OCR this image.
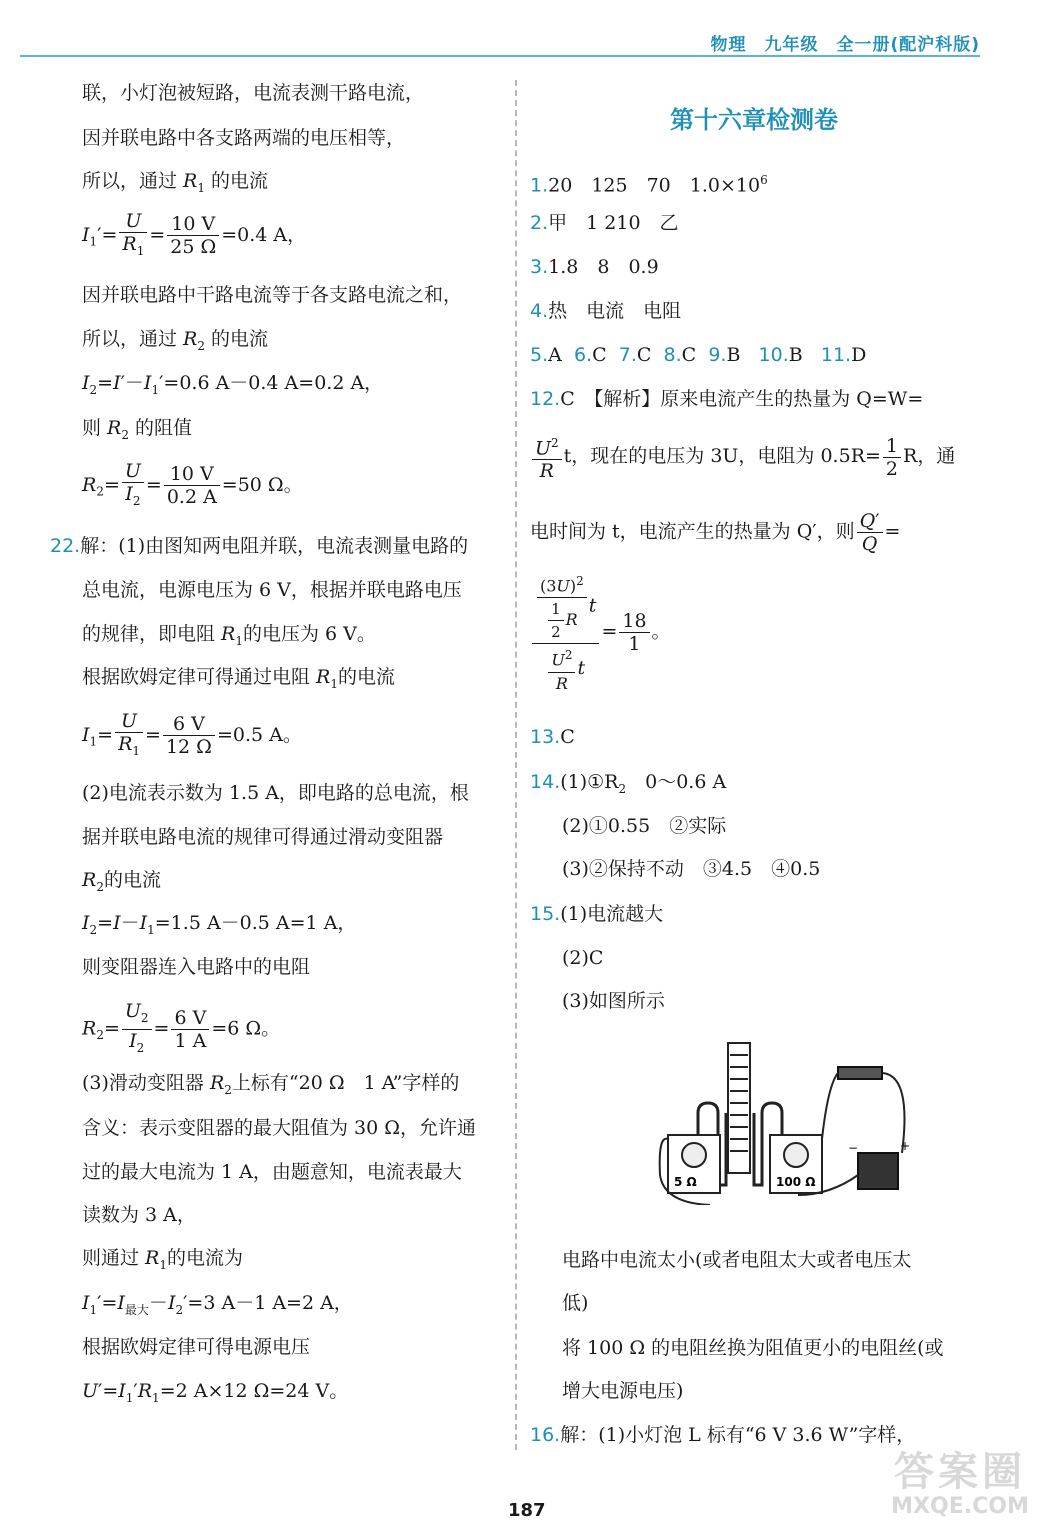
物理　九年级　全一册(配沪科版)
联，小灯泡被短路，电流表测干路电流，
因并联电路中各支路两端的电压相等，
所以，通过 $R_1$ 的电流
$I_1'= \frac{U}{R_1} = \frac{10 V}{25 \Omega} =0.4$ A，
因并联电路中干路电流等于各支路电流之和，
所以，通过 $R_2$ 的电流
$I_2=I'-I_1'=0.6$ A－0.4 A=0.2 A，
则 $R_2$ 的阻值
$R_2= \frac{U}{I_2} = \frac{10 V}{0.2 A} =50$ Ω。
22.解：(1)由图知两电阻并联，电流表测量电路的
总电流，电源电压为 6 V，根据并联电路电压
的规律，即电阻 $R_1$的电压为 6 V。
根据欧姆定律可得通过电阻 $R_1$的电流
$I_1= \frac{U}{R_1} = \frac{6 V}{12 \Omega} =0.5$ A。
(2)电流表示数为 1.5 A，即电路的总电流，根
据并联电路电流的规律可得通过滑动变阻器
$R_2$的电流
$I_2=I-I_1=1.5$ A－0.5 A=1 A，
则变阻器连入电路中的电阻
$R_2= \frac{U_2}{I_2} = \frac{6 V}{1 A} =6$ Ω。
(3)滑动变阻器 $R_2$上标有“20 Ω　1 A”字样的
含义：表示变阻器的最大阻值为 30 Ω，允许通
过的最大电流为 1 A，由题意知，电流表最大
读数为 3 A，
则通过 $R_1$的电流为
$I_1'=I_{最大}-I_2'=3$ A－1 A=2 A，
根据欧姆定律可得电源电压
$U'=I_1'R_1=2$ A×12 Ω=24 V。
第十六章检测卷
1.20　125　70　$1.0\times 10^6$
2.甲　1 210　乙
3.1.8　8　0.9
4.热　电流　电阻
5.A 6.C 7.C 8.C 9.B 10.B 11.D
12.C　【解析】原来电流产生的热量为 Q=W=
$\frac{U^2}{R}$ t，现在的电压为 3U，电阻为 $0.5R= \frac{1}{2}$ R，通
电时间为 t，电流产生的热量为 Q′，则 $\frac{Q'}{Q}$ =
$\frac{\frac{(3U)^2}{\frac{1}{2} R} t}{\frac{U^2}{R} t} = \frac{18}{1}$ 。
13.C
$14.(1)①R_2$　0～0.6 A
(2)①0.55　②实际
(3)②保持不动　③4.5　④0.5
15.(1)电流越大
(2)C
(3)如图所示
电路中电流太小(或者电阻太大或者电压太
低)
将 100 Ω 的电阻丝换为阻值更小的电阻丝(或
增大电源电压)
16.解：(1)小灯泡 L 标有“6 V 3.6 W”字样，
5 Ω	100 Ω
−	+
187
答案圈
MXQE.COM
